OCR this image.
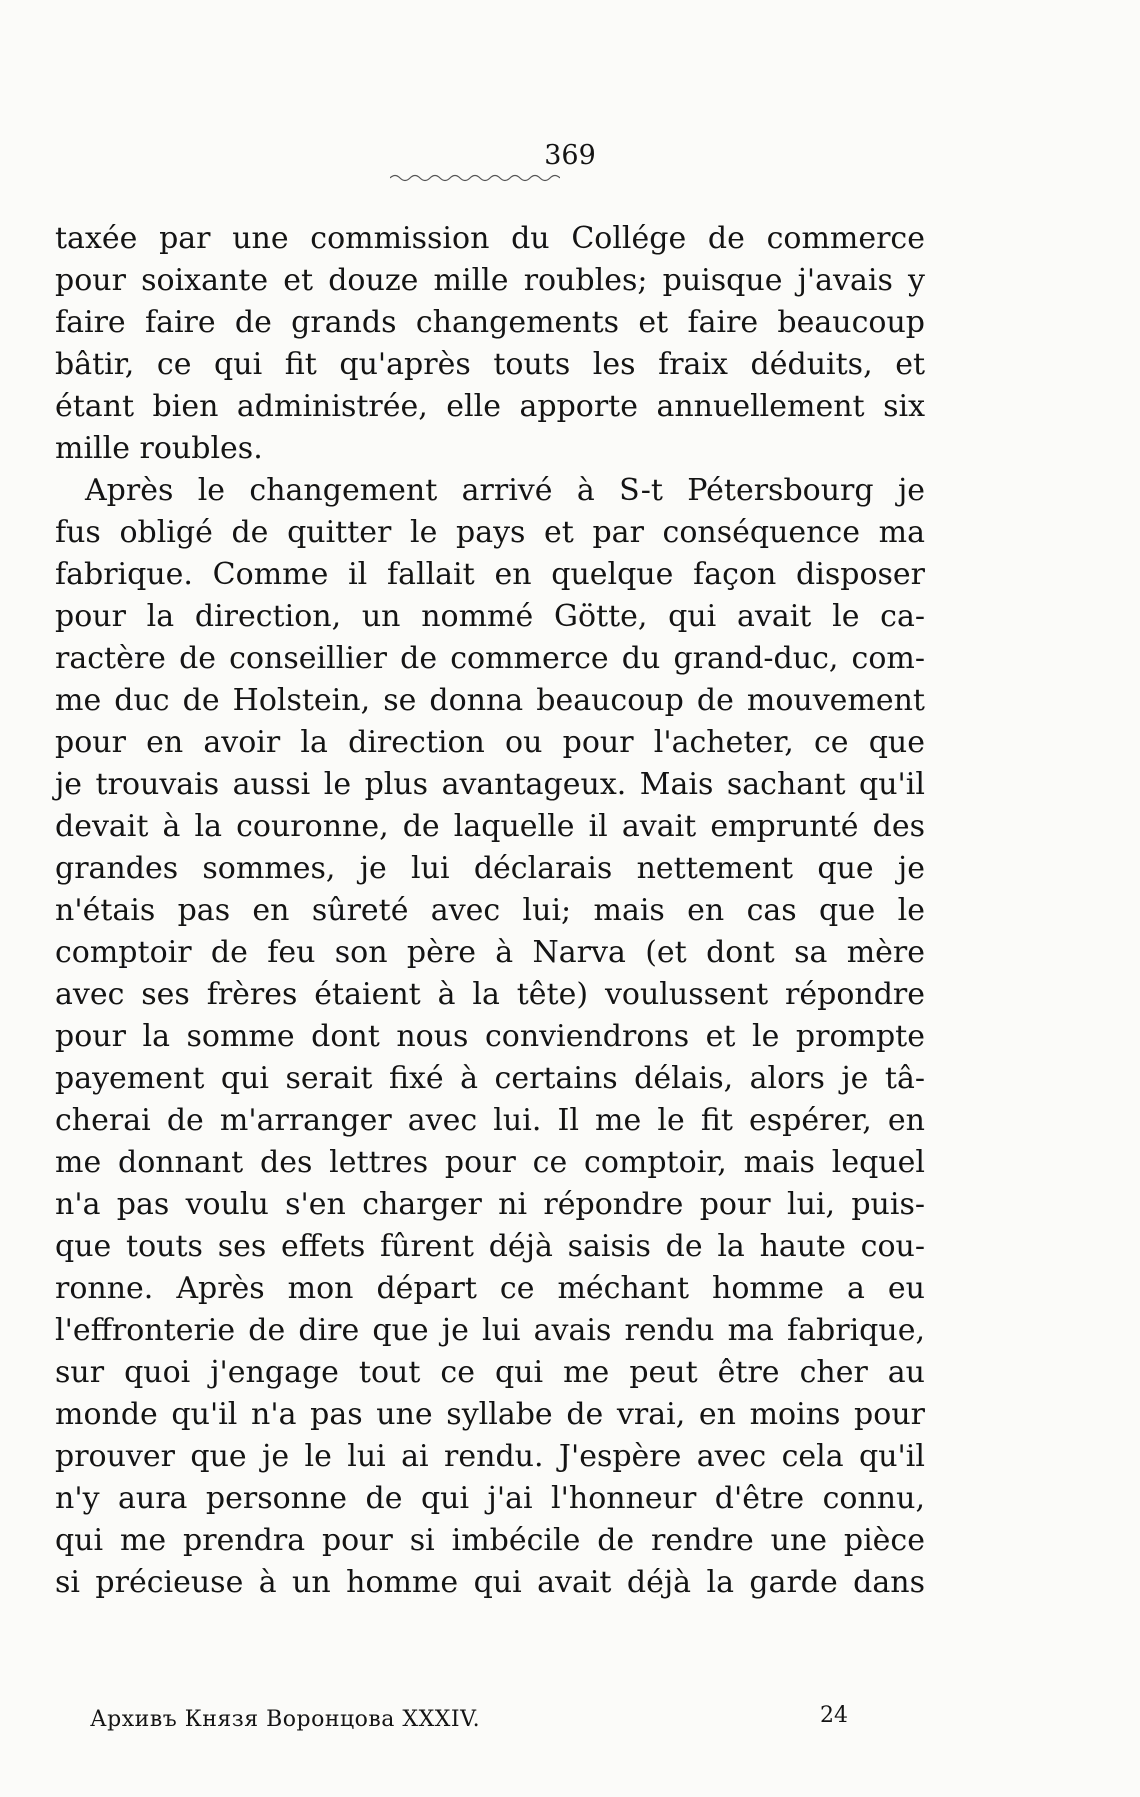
369
taxée par une commission du Collége de commerce
pour soixante et douze mille roubles; puisque j'avais y
faire faire de grands changements et faire beaucoup
bâtir, ce qui fit qu'après touts les fraix déduits, et
étant bien administrée, elle apporte annuellement six
mille roubles.
Après le changement arrivé à S-t Pétersbourg je
fus obligé de quitter le pays et par conséquence ma
fabrique. Comme il fallait en quelque façon disposer
pour la direction, un nommé Götte, qui avait le ca-
ractère de conseillier de commerce du grand-duc, com-
me duc de Holstein, se donna beaucoup de mouvement
pour en avoir la direction ou pour l'acheter, ce que
je trouvais aussi le plus avantageux. Mais sachant qu'il
devait à la couronne, de laquelle il avait emprunté des
grandes sommes, je lui déclarais nettement que je
n'étais pas en sûreté avec lui; mais en cas que le
comptoir de feu son père à Narva (et dont sa mère
avec ses frères étaient à la tête) voulussent répondre
pour la somme dont nous conviendrons et le prompte
payement qui serait fixé à certains délais, alors je tâ-
cherai de m'arranger avec lui. Il me le fit espérer, en
me donnant des lettres pour ce comptoir, mais lequel
n'a pas voulu s'en charger ni répondre pour lui, puis-
que touts ses effets fûrent déjà saisis de la haute cou-
ronne. Après mon départ ce méchant homme a eu
l'effronterie de dire que je lui avais rendu ma fabrique,
sur quoi j'engage tout ce qui me peut être cher au
monde qu'il n'a pas une syllabe de vrai, en moins pour
prouver que je le lui ai rendu. J'espère avec cela qu'il
n'y aura personne de qui j'ai l'honneur d'être connu,
qui me prendra pour si imbécile de rendre une pièce
si précieuse à un homme qui avait déjà la garde dans
Архивъ Князя Воронцова XXXIV.	24
